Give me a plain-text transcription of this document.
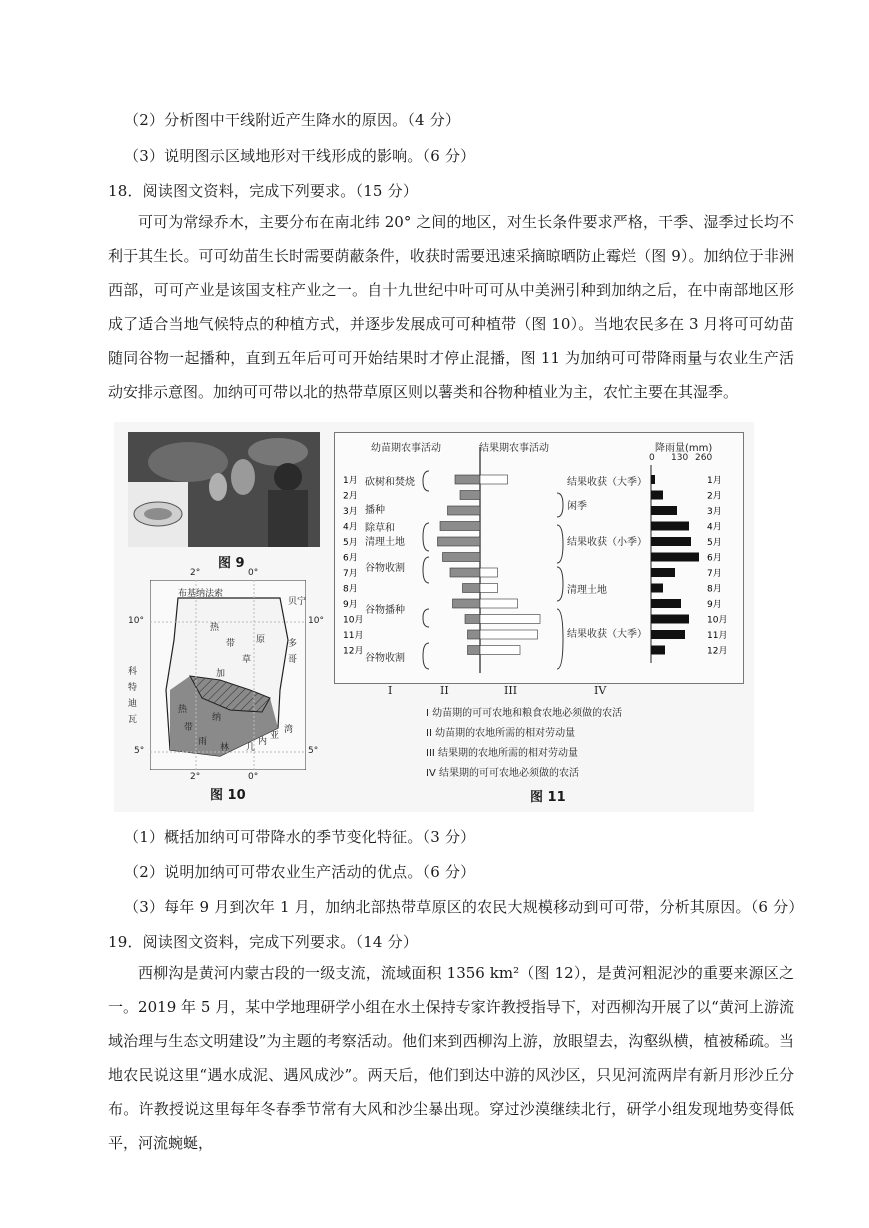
（2）分析图中干线附近产生降水的原因。（4 分）
（3）说明图示区域地形对干线形成的影响。（6 分）
18．阅读图文资料，完成下列要求。（15 分）
可可为常绿乔木，主要分布在南北纬 20° 之间的地区，对生长条件要求严格，干季、湿季过长均不利于其生长。可可幼苗生长时需要荫蔽条件，收获时需要迅速采摘晾晒防止霉烂（图 9）。加纳位于非洲西部，可可产业是该国支柱产业之一。自十九世纪中叶可可从中美洲引种到加纳之后，在中南部地区形成了适合当地气候特点的种植方式，并逐步发展成可可种植带（图 10）。当地农民多在 3 月将可可幼苗随同谷物一起播种，直到五年后可可开始结果时才停止混播，图 11 为加纳可可带降雨量与农业生产活动安排示意图。加纳可可带以北的热带草原区则以薯类和谷物种植业为主，农忙主要在其湿季。
图 9
2°	0°
2°	0°
10°	10°
5°	5°
布基纳法索
贝宁
热
带
草
原
加
多
哥
科
特
迪
瓦
热
带
雨
林
纳
几
内
亚
湾
图 10
幼苗期农事活动	结果期农事活动	降雨量(mm)
0 130 260
1月	1月
2月	2月
3月	3月
4月	4月
5月	5月
6月	6月
7月	7月
8月	8月
9月	9月
10月	10月
11月	11月
12月	12月
砍树和焚烧
播种
除草和
清理土地
谷物收割
谷物播种
谷物收割
结果收获（大季）
闲季
结果收获（小季）
清理土地
结果收获（大季）
I	II	III	IV
I 幼苗期的可可农地和粮食农地必须做的农活
II 幼苗期的农地所需的相对劳动量
III 结果期的农地所需的相对劳动量
IV 结果期的可可农地必须做的农活
图 11
（1）概括加纳可可带降水的季节变化特征。（3 分）
（2）说明加纳可可带农业生产活动的优点。（6 分）
（3）每年 9 月到次年 1 月，加纳北部热带草原区的农民大规模移动到可可带，分析其原因。（6 分）
19．阅读图文资料，完成下列要求。（14 分）
西柳沟是黄河内蒙古段的一级支流，流域面积 1356 km²（图 12），是黄河粗泥沙的重要来源区之一。2019 年 5 月，某中学地理研学小组在水土保持专家许教授指导下，对西柳沟开展了以“黄河上游流域治理与生态文明建设”为主题的考察活动。他们来到西柳沟上游，放眼望去，沟壑纵横，植被稀疏。当地农民说这里“遇水成泥、遇风成沙”。两天后，他们到达中游的风沙区，只见河流两岸有新月形沙丘分布。许教授说这里每年冬春季节常有大风和沙尘暴出现。穿过沙漠继续北行，研学小组发现地势变得低平，河流蜿蜒，
